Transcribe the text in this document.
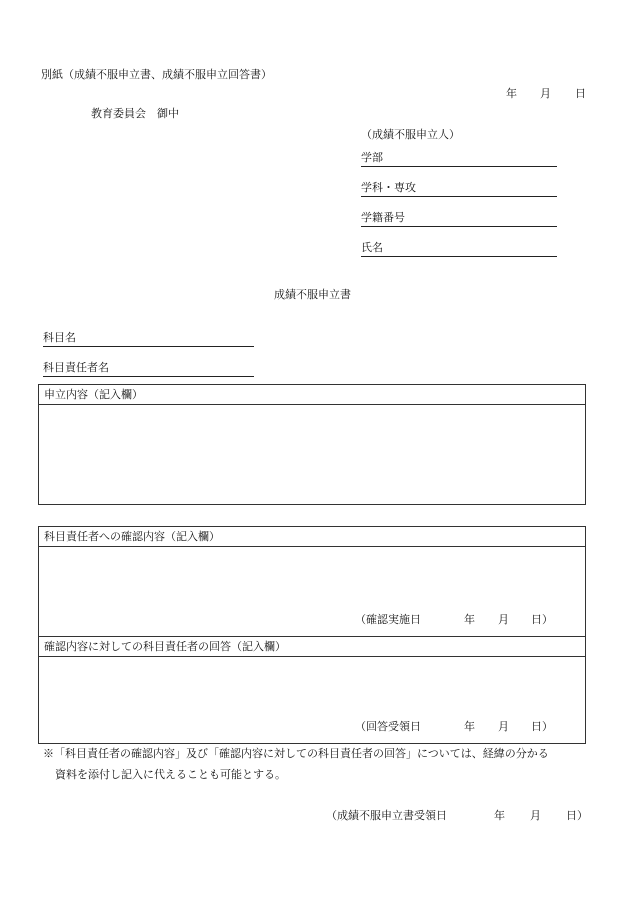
別紙（成績不服申立書、成績不服申立回答書）
年 月 日
教育委員会　御中
（成績不服申立人）
学部
学科・専攻
学籍番号
氏名
成績不服申立書
科目名
科目責任者名
申立内容（記入欄）
科目責任者への確認内容（記入欄）
（確認実施日	年 月 日）
確認内容に対しての科目責任者の回答（記入欄）
（回答受領日	年 月 日）
※「科目責任者の確認内容」及び「確認内容に対しての科目責任者の回答」については、経緯の分かる
資料を添付し記入に代えることも可能とする。
（成績不服申立書受領日	年 月 日）
